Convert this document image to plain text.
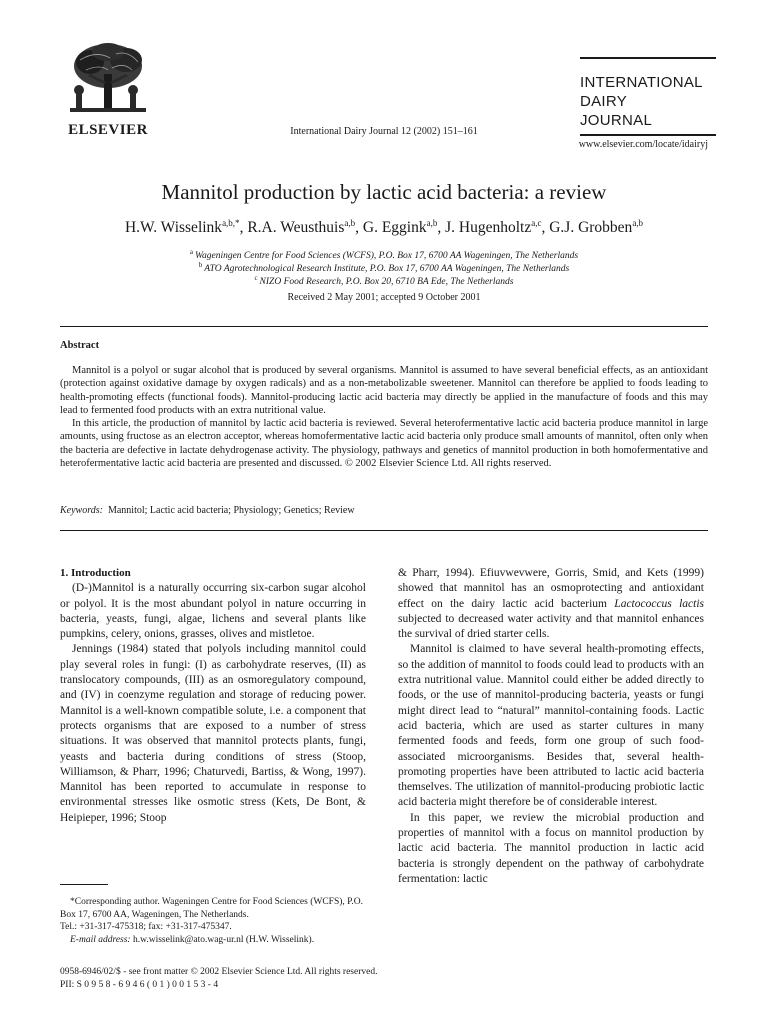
ELSEVIER	International Dairy Journal 12 (2002) 151–161
INTERNATIONAL
DAIRY
JOURNAL
www.elsevier.com/locate/idairyj
Mannitol production by lactic acid bacteria: a review
H.W. Wisselink$^{a,b,*}$, R.A. Weusthuis$^{a,b}$, G. Eggink$^{a,b}$, J. Hugenholtz$^{a,c}$, G.J. Grobben$^{a,b}$
$^a$  Wageningen Centre for Food Sciences (WCFS), P.O. Box 17, 6700 AA Wageningen, The Netherlands
$^b$  ATO Agrotechnological Research Institute, P.O. Box 17, 6700 AA Wageningen, The Netherlands
$^c$  NIZO Food Research, P.O. Box 20, 6710 BA Ede, The Netherlands
Received 2 May 2001; accepted 9 October 2001
Abstract

Mannitol is a polyol or sugar alcohol that is produced by several organisms. Mannitol is assumed to have several beneficial effects, as an antioxidant (protection against oxidative damage by oxygen radicals) and as a non-metabolizable sweetener. Mannitol can therefore be applied to foods leading to health-promoting effects (functional foods). Mannitol-producing lactic acid bacteria may directly be applied in the manufacture of foods and this may lead to fermented food products with an extra nutritional value.

In this article, the production of mannitol by lactic acid bacteria is reviewed. Several heterofermentative lactic acid bacteria produce mannitol in large amounts, using fructose as an electron acceptor, whereas homofermentative lactic acid bacteria only produce small amounts of mannitol, often only when the bacteria are defective in lactate dehydrogenase activity. The physiology, pathways and genetics of mannitol production in both homofermentative and heterofermentative lactic acid bacteria are presented and discussed. © 2002 Elsevier Science Ltd. All rights reserved.

Keywords: Mannitol; Lactic acid bacteria; Physiology; Genetics; Review

1. Introduction

(D-)Mannitol is a naturally occurring six-carbon sugar alcohol or polyol. It is the most abundant polyol in nature occurring in bacteria, yeasts, fungi, algae, lichens and several plants like pumpkins, celery, onions, grasses, olives and mistletoe.

Jennings (1984) stated that polyols including mannitol could play several roles in fungi: (I) as carbohydrate reserves, (II) as translocatory compounds, (III) as an osmoregulatory compound, and (IV) in coenzyme regulation and storage of reducing power. Mannitol is a well-known compatible solute, i.e. a component that protects organisms that are exposed to a number of stress situations. It was observed that mannitol protects plants, fungi, yeasts and bacteria during conditions of stress (Stoop, Williamson, & Pharr, 1996; Chaturvedi, Bartiss, & Wong, 1997). Mannitol has been reported to accumulate in response to environmental stresses like osmotic stress (Kets, De Bont, & Heipieper, 1996; Stoop

*Corresponding author. Wageningen Centre for Food Sciences (WCFS), P.O. Box 17, 6700 AA, Wageningen, The Netherlands.
Tel.: +31-317-475318; fax: +31-317-475347.
E-mail address: h.w.wisselink@ato.wag-ur.nl (H.W. Wisselink).

& Pharr, 1994). Efiuvwevwere, Gorris, Smid, and Kets (1999) showed that mannitol has an osmoprotecting and antioxidant effect on the dairy lactic acid bacterium Lactococcus lactis subjected to decreased water activity and that mannitol enhances the survival of dried starter cells.

Mannitol is claimed to have several health-promoting effects, so the addition of mannitol to foods could lead to products with an extra nutritional value. Mannitol could either be added directly to foods, or the use of mannitol-producing bacteria, yeasts or fungi might direct lead to “natural” mannitol-containing foods. Lactic acid bacteria, which are used as starter cultures in many fermented foods and feeds, form one group of such food-associated microorganisms. Besides that, several health-promoting properties have been attributed to lactic acid bacteria themselves. The utilization of mannitol-producing probiotic lactic acid bacteria might therefore be of considerable interest.

In this paper, we review the microbial production and properties of mannitol with a focus on mannitol production by lactic acid bacteria. The mannitol production in lactic acid bacteria is strongly dependent on the pathway of carbohydrate fermentation: lactic

0958-6946/02/$ - see front matter © 2002 Elsevier Science Ltd. All rights reserved.
PII: S 0 9 5 8 - 6 9 4 6 ( 0 1 ) 0 0 1 5 3 - 4
